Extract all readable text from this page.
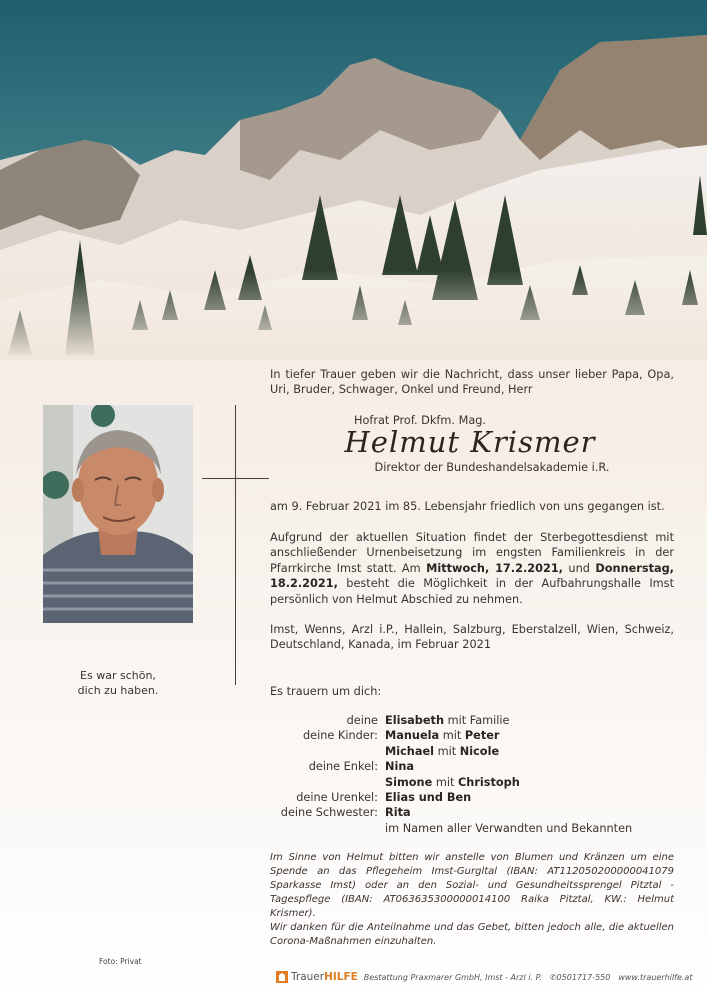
Es war schön,
dich zu haben.
In tiefer Trauer geben wir die Nachricht, dass unser lieber Papa, Opa, Uri, Bruder, Schwager, Onkel und Freund, Herr
Hofrat Prof. Dkfm. Mag.
Helmut Krismer
Direktor der Bundeshandelsakademie i.R.
am 9. Februar 2021 im 85. Lebensjahr friedlich von uns gegangen ist.
Aufgrund der aktuellen Situation findet der Sterbegottesdienst mit anschließender Urnenbeisetzung im engsten Familienkreis in der Pfarrkirche Imst statt. Am Mittwoch, 17.2.2021, und Donnerstag, 18.2.2021, besteht die Möglichkeit in der Aufbahrungshalle Imst persönlich von Helmut Abschied zu nehmen.
Imst, Wenns, Arzl i.P., Hallein, Salzburg, Eberstalzell, Wien, Schweiz, Deutschland, Kanada, im Februar 2021
Es trauern um dich:
deine Elisabeth mit Familie
deine Kinder: Manuela mit Peter
Michael mit Nicole
deine Enkel: Nina
Simone mit Christoph
deine Urenkel: Elias und Ben
deine Schwester: Rita
im Namen aller Verwandten und Bekannten
Im Sinne von Helmut bitten wir anstelle von Blumen und Kränzen um eine Spende an das Pflegeheim Imst-Gurgltal (IBAN: AT112050200000041079 Sparkasse Imst) oder an den Sozial- und Gesundheitssprengel Pitztal - Tagespflege (IBAN: AT063635300000014100 Raika Pitztal, KW.: Helmut Krismer).
Wir danken für die Anteilnahme und das Gebet, bitten jedoch alle, die aktuellen Corona-Maßnahmen einzuhalten.
Foto: Privat
TrauerHILFE Bestattung Praxmarer GmbH, Imst - Arzl i. P. ✆0501717-550 www.trauerhilfe.at
